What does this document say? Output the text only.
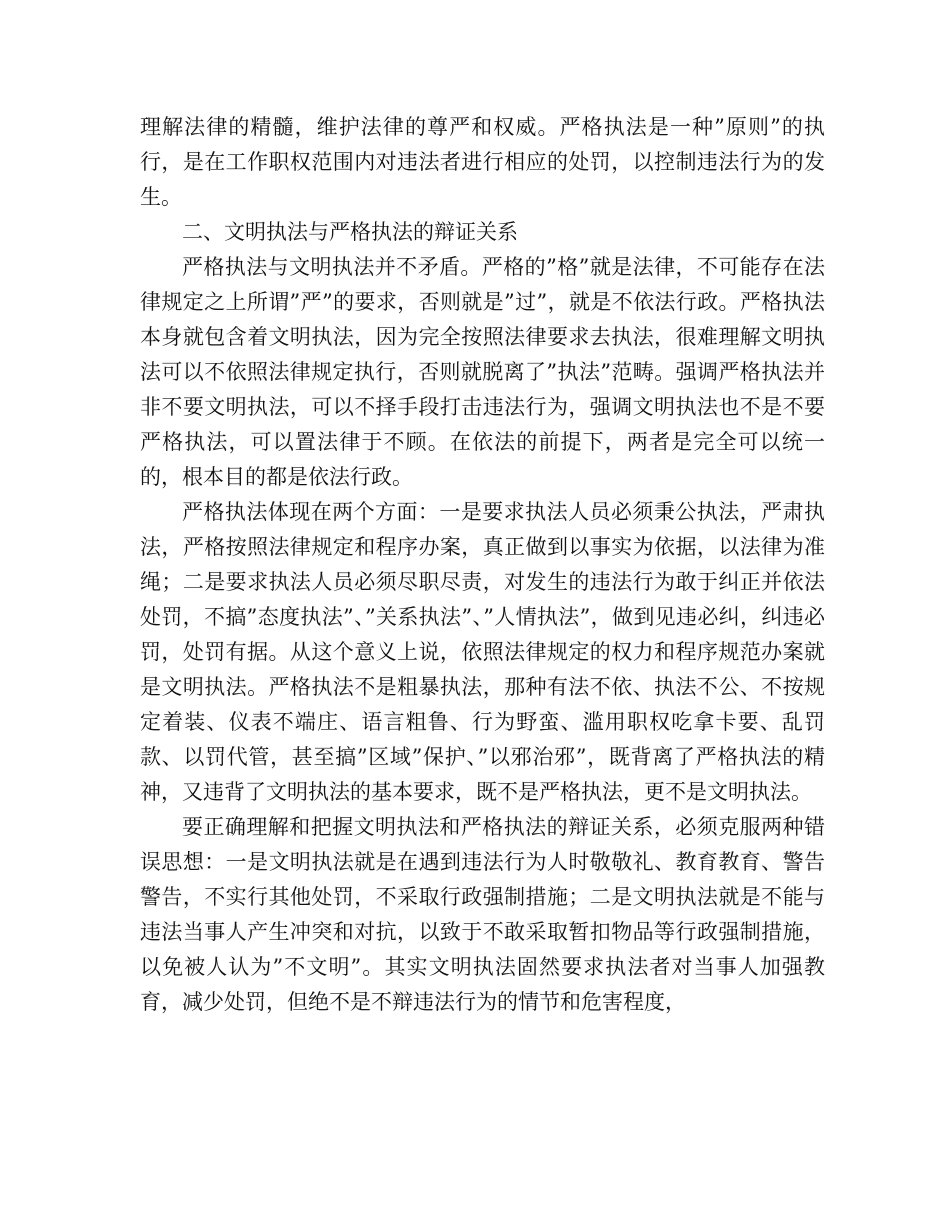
理解法律的精髓，维护法律的尊严和权威。严格执法是一种”原则”的执行，是在工作职权范围内对违法者进行相应的处罚，以控制违法行为的发生。

二、文明执法与严格执法的辩证关系

严格执法与文明执法并不矛盾。严格的”格”就是法律，不可能存在法律规定之上所谓”严”的要求，否则就是”过”，就是不依法行政。严格执法本身就包含着文明执法，因为完全按照法律要求去执法，很难理解文明执法可以不依照法律规定执行，否则就脱离了”执法”范畴。强调严格执法并非不要文明执法，可以不择手段打击违法行为，强调文明执法也不是不要严格执法，可以置法律于不顾。在依法的前提下，两者是完全可以统一的，根本目的都是依法行政。

严格执法体现在两个方面：一是要求执法人员必须秉公执法，严肃执法，严格按照法律规定和程序办案，真正做到以事实为依据，以法律为准绳；二是要求执法人员必须尽职尽责，对发生的违法行为敢于纠正并依法处罚，不搞”态度执法”、”关系执法”、”人情执法”，做到见违必纠，纠违必罚，处罚有据。从这个意义上说，依照法律规定的权力和程序规范办案就是文明执法。严格执法不是粗暴执法，那种有法不依、执法不公、不按规定着装、仪表不端庄、语言粗鲁、行为野蛮、滥用职权吃拿卡要、乱罚款、以罚代管，甚至搞”区域”保护、”以邪治邪”，既背离了严格执法的精神，又违背了文明执法的基本要求，既不是严格执法，更不是文明执法。

要正确理解和把握文明执法和严格执法的辩证关系，必须克服两种错误思想：一是文明执法就是在遇到违法行为人时敬敬礼、教育教育、警告警告，不实行其他处罚，不采取行政强制措施；二是文明执法就是不能与违法当事人产生冲突和对抗，以致于不敢采取暂扣物品等行政强制措施，以免被人认为”不文明”。其实文明执法固然要求执法者对当事人加强教育，减少处罚，但绝不是不辩违法行为的情节和危害程度，
